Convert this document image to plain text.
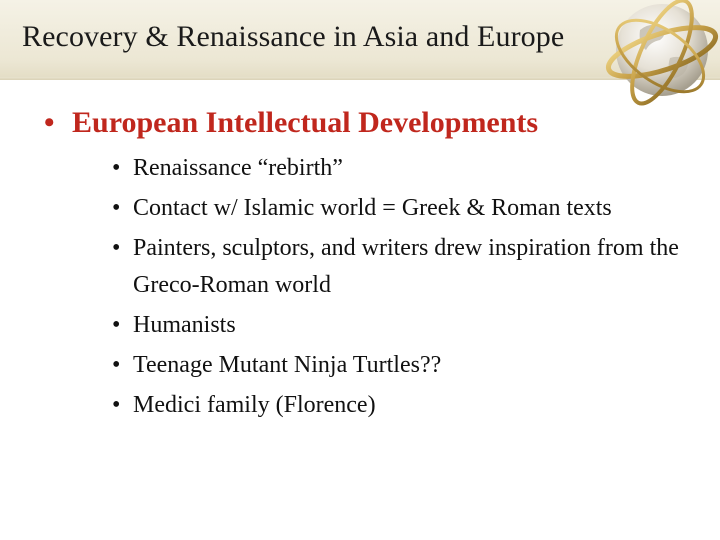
Recovery & Renaissance in Asia and Europe
• European Intellectual Developments
• Renaissance “rebirth”
• Contact w/ Islamic world = Greek & Roman texts
• Painters, sculptors, and writers drew inspiration from the Greco-Roman world
• Humanists
• Teenage Mutant Ninja Turtles??
• Medici family (Florence)
